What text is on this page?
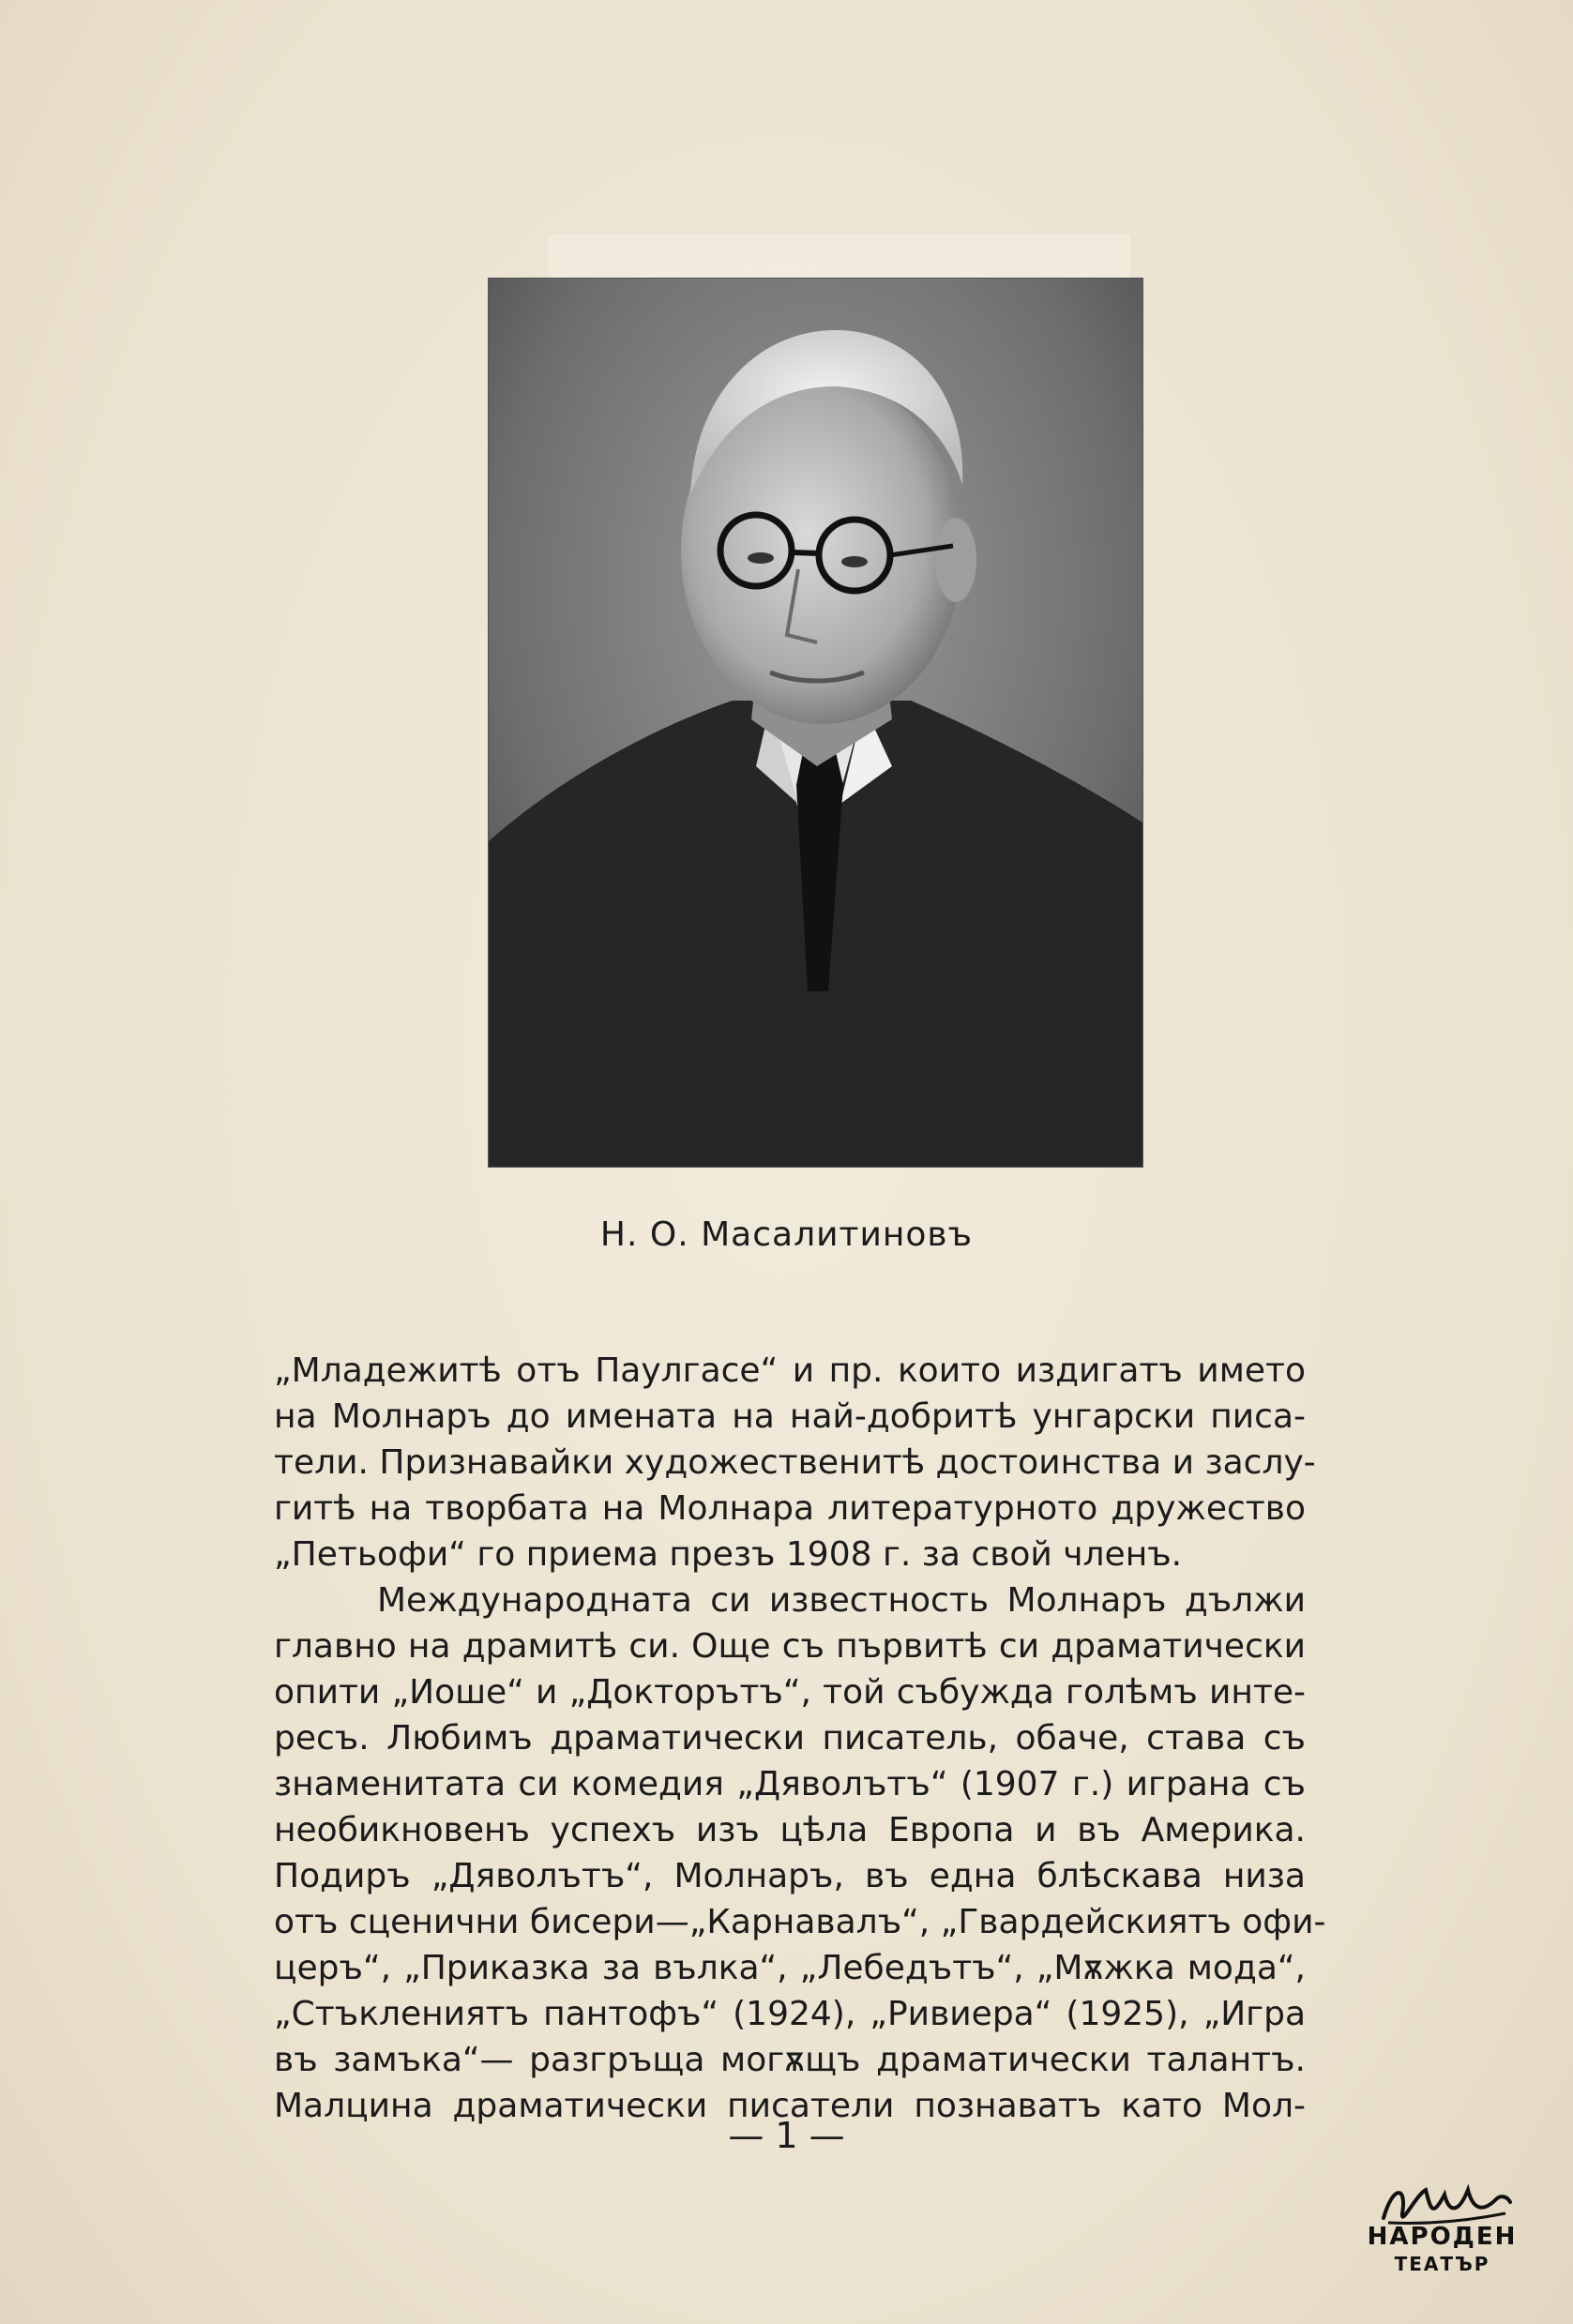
Н. О. Масалитиновъ
„Младежитѣ отъ Паулгасе“ и пр. които издигатъ името
на Молнаръ до имената на най-добритѣ унгарски писа-
тели. Признавайки художественитѣ достоинства и заслу-
гитѣ на творбата на Молнара литературното дружество
„Петьофи“ го приема презъ 1908 г. за свой членъ.
Международната си известность Молнаръ дължи
главно на драмитѣ си. Още съ първитѣ си драматически
опити „Иоше“ и „Докторътъ“, той събужда голѣмъ инте-
ресъ. Любимъ драматически писатель, обаче, става съ
знаменитата си комедия „Дяволътъ“ (1907 г.) играна съ
необикновенъ успехъ изъ цѣла Европа и въ Америка.
Подиръ „Дяволътъ“, Молнаръ, въ една блѣскава низа
отъ сценични бисери—„Карнавалъ“, „Гвардейскиятъ офи-
церъ“, „Приказка за вълка“, „Лебедътъ“, „Мѫжка мода“,
„Стъклениятъ пантофъ“ (1924), „Ривиера“ (1925), „Игра
въ замъка“— разгръща могѫщъ драматически талантъ.
Малцина драматически писатели познаватъ като Мол-
— 1 —
НАРОДЕН
ТЕАТЪР
